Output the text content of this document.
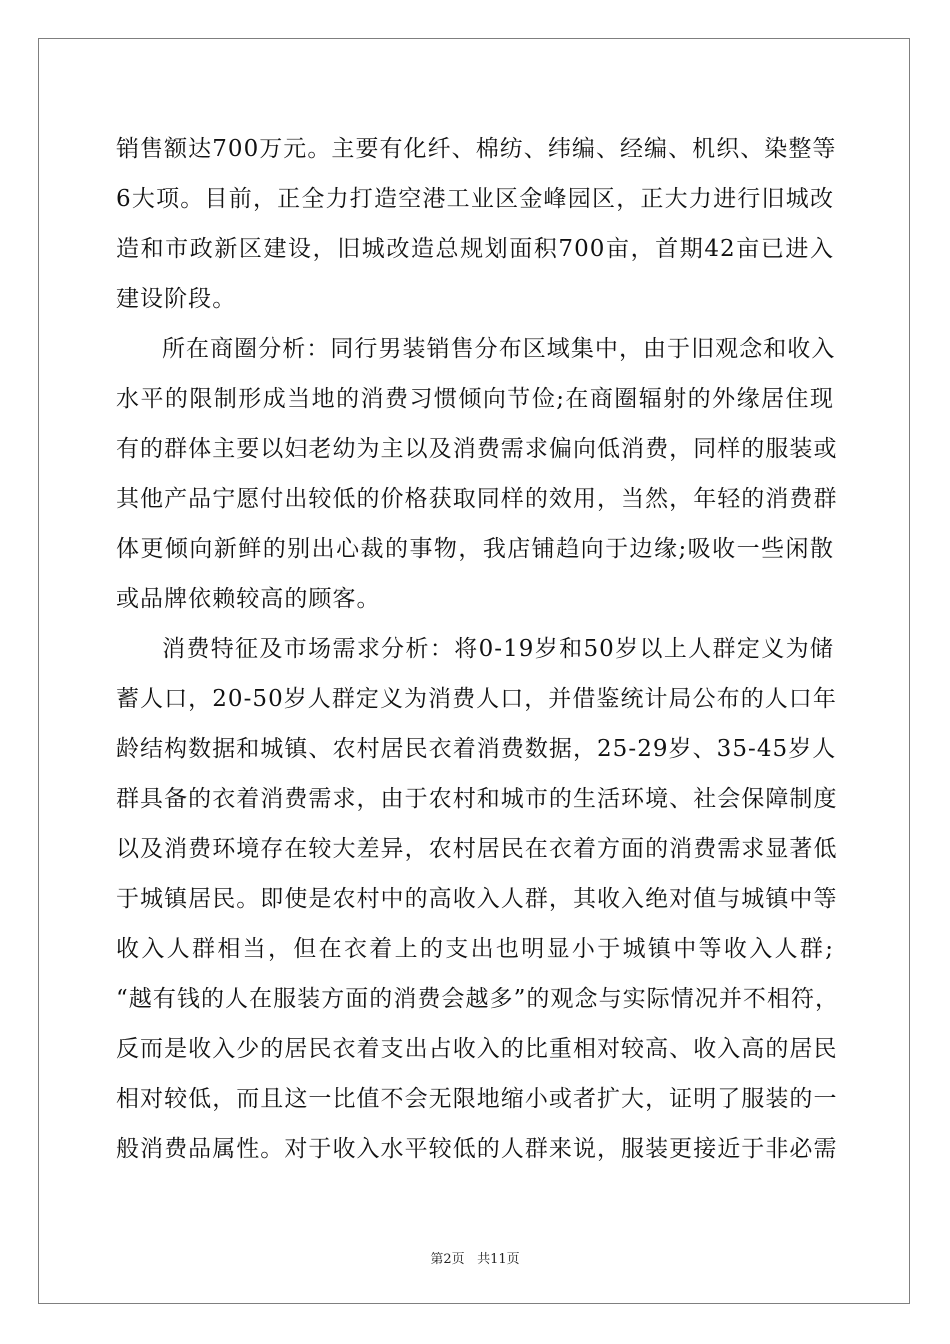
销售额达700万元。主要有化纤、棉纺、纬编、经编、机织、染整等
6大项。目前，正全力打造空港工业区金峰园区，正大力进行旧城改
造和市政新区建设，旧城改造总规划面积700亩，首期42亩已进入
建设阶段。
所在商圈分析：同行男装销售分布区域集中，由于旧观念和收入
水平的限制形成当地的消费习惯倾向节俭;在商圈辐射的外缘居住现
有的群体主要以妇老幼为主以及消费需求偏向低消费，同样的服装或
其他产品宁愿付出较低的价格获取同样的效用，当然，年轻的消费群
体更倾向新鲜的别出心裁的事物，我店铺趋向于边缘;吸收一些闲散
或品牌依赖较高的顾客。
消费特征及市场需求分析：将0-19岁和50岁以上人群定义为储
蓄人口，20-50岁人群定义为消费人口，并借鉴统计局公布的人口年
龄结构数据和城镇、农村居民衣着消费数据，25-29岁、35-45岁人
群具备的衣着消费需求，由于农村和城市的生活环境、社会保障制度
以及消费环境存在较大差异，农村居民在衣着方面的消费需求显著低
于城镇居民。即使是农村中的高收入人群，其收入绝对值与城镇中等
收入人群相当，但在衣着上的支出也明显小于城镇中等收入人群;
“越有钱的人在服装方面的消费会越多”的观念与实际情况并不相符，
反而是收入少的居民衣着支出占收入的比重相对较高、收入高的居民
相对较低，而且这一比值不会无限地缩小或者扩大，证明了服装的一
般消费品属性。对于收入水平较低的人群来说，服装更接近于非必需
第2页 共11页
